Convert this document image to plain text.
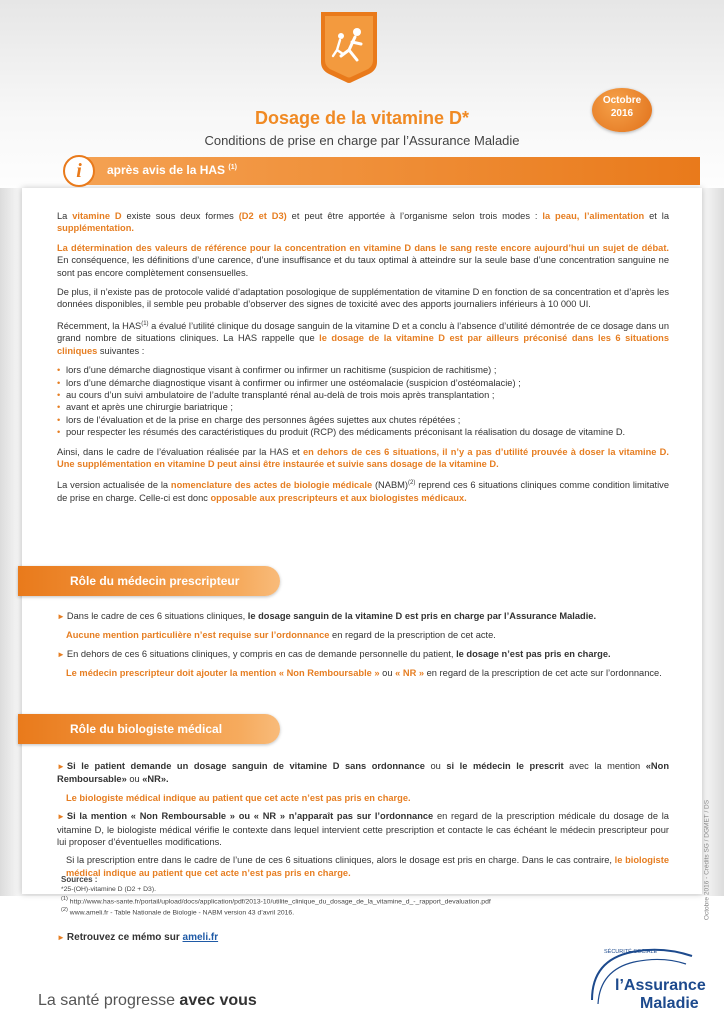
Dosage de la vitamine D*
Conditions de prise en charge par l’Assurance Maladie
Octobre
2016
i	après avis de la HAS $^{(1)}$

La vitamine D existe sous deux formes (D2 et D3) et peut être apportée à l’organisme selon trois modes : la peau, l’alimentation et la supplémentation.

La détermination des valeurs de référence pour la concentration en vitamine D dans le sang reste encore aujourd’hui un sujet de débat. En conséquence, les définitions d’une carence, d’une insuffisance et du taux optimal à atteindre sur la seule base d’une concentration sanguine ne sont pas encore complètement consensuelles.

De plus, il n’existe pas de protocole validé d’adaptation posologique de supplémentation de vitamine D en fonction de sa concentration et d’après les données disponibles, il semble peu probable d’observer des signes de toxicité avec des apports journaliers inférieurs à 10 000 UI.

Récemment, la HAS$^{(1)}$ a évalué l’utilité clinique du dosage sanguin de la vitamine D et a conclu à l’absence d’utilité démontrée de ce dosage dans un grand nombre de situations cliniques. La HAS rappelle que le dosage de la vitamine D est par ailleurs préconisé dans les 6 situations cliniques suivantes :

• lors d’une démarche diagnostique visant à confirmer ou infirmer un rachitisme (suspicion de rachitisme) ;
• lors d’une démarche diagnostique visant à confirmer ou infirmer une ostéomalacie (suspicion d’ostéomalacie) ;
• au cours d’un suivi ambulatoire de l’adulte transplanté rénal au-delà de trois mois après transplantation ;
• avant et après une chirurgie bariatrique ;
• lors de l’évaluation et de la prise en charge des personnes âgées sujettes aux chutes répétées ;
• pour respecter les résumés des caractéristiques du produit (RCP) des médicaments préconisant la réalisation du dosage de vitamine D.

Ainsi, dans le cadre de l’évaluation réalisée par la HAS et en dehors de ces 6 situations, il n’y a pas d’utilité prouvée à doser la vitamine D. Une supplémentation en vitamine D peut ainsi être instaurée et suivie sans dosage de la vitamine D.

La version actualisée de la nomenclature des actes de biologie médicale (NABM)$^{(2)}$ reprend ces 6 situations cliniques comme condition limitative de prise en charge. Celle-ci est donc opposable aux prescripteurs et aux biologistes médicaux.

Rôle du médecin prescripteur

► Dans le cadre de ces 6 situations cliniques, le dosage sanguin de la vitamine D est pris en charge par l’Assurance Maladie.

Aucune mention particulière n’est requise sur l’ordonnance en regard de la prescription de cet acte.

► En dehors de ces 6 situations cliniques, y compris en cas de demande personnelle du patient, le dosage n’est pas pris en charge.

Le médecin prescripteur doit ajouter la mention « Non Remboursable » ou « NR » en regard de la prescription de cet acte sur l’ordonnance.

Rôle du biologiste médical

► Si le patient demande un dosage sanguin de vitamine D sans ordonnance ou si le médecin le prescrit avec la mention «Non Remboursable» ou «NR».

Le biologiste médical indique au patient que cet acte n’est pas pris en charge.

► Si la mention « Non Remboursable » ou « NR » n’apparaît pas sur l’ordonnance en regard de la prescription médicale du dosage de la vitamine D, le biologiste médical vérifie le contexte dans lequel intervient cette prescription et contacte le cas échéant le médecin prescripteur pour lui proposer d’éventuelles modifications.

Si la prescription entre dans le cadre de l’une de ces 6 situations cliniques, alors le dosage est pris en charge. Dans le cas contraire, le biologiste médical indique au patient que cet acte n’est pas pris en charge.

Sources :
*25-(OH)-vitamine D (D2 + D3).
$^{(1)}$ http://www.has-sante.fr/portail/upload/docs/application/pdf/2013-10/utilite_clinique_du_dosage_de_la_vitamine_d_-_rapport_devaluation.pdf
$^{(2)}$ www.ameli.fr - Table Nationale de Biologie - NABM version 43 d’avril 2016.	Octobre 2016 - Crédits SG / DGMET / DS
► Retrouvez ce mémo sur ameli.fr
La santé progresse avec vous
SÉCURITÉ SOCIALE
l’Assurance
Maladie
